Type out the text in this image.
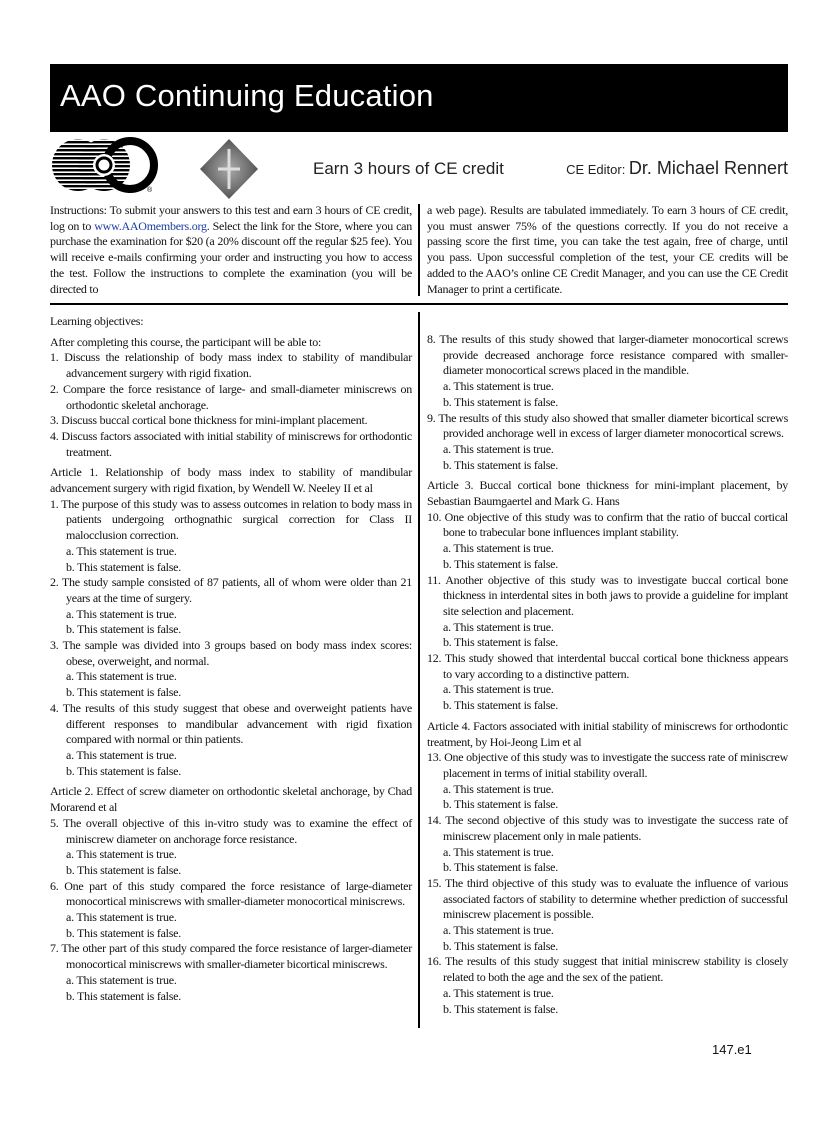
AAO Continuing Education
®
Earn 3 hours of CE credit	CE Editor: Dr. Michael Rennert
Instructions: To submit your answers to this test and earn 3 hours of CE credit, log on to www.AAOmembers.org. Select the link for the Store, where you can purchase the examination for $20 (a 20% discount off the regular $25 fee). You will receive e-mails confirming your order and instructing you how to access the test. Follow the instructions to complete the examination (you will be directed to
a web page). Results are tabulated immediately. To earn 3 hours of CE credit, you must answer 75% of the questions correctly. If you do not receive a passing score the first time, you can take the test again, free of charge, until you pass. Upon successful completion of the test, your CE credits will be added to the AAO’s online CE Credit Manager, and you can use the CE Credit Manager to print a certificate.
Learning objectives:
After completing this course, the participant will be able to:
1. Discuss the relationship of body mass index to stability of mandibular advancement surgery with rigid fixation.
2. Compare the force resistance of large- and small-diameter miniscrews on orthodontic skeletal anchorage.
3. Discuss buccal cortical bone thickness for mini-implant placement.
4. Discuss factors associated with initial stability of miniscrews for orthodontic treatment.
Article 1. Relationship of body mass index to stability of mandibular advancement surgery with rigid fixation, by Wendell W. Neeley II et al
1. The purpose of this study was to assess outcomes in relation to body mass in patients undergoing orthognathic surgical correction for Class II malocclusion correction.
a. This statement is true.
b. This statement is false.
2. The study sample consisted of 87 patients, all of whom were older than 21 years at the time of surgery.
a. This statement is true.
b. This statement is false.
3. The sample was divided into 3 groups based on body mass index scores: obese, overweight, and normal.
a. This statement is true.
b. This statement is false.
4. The results of this study suggest that obese and overweight patients have different responses to mandibular advancement with rigid fixation compared with normal or thin patients.
a. This statement is true.
b. This statement is false.
Article 2. Effect of screw diameter on orthodontic skeletal anchorage, by Chad Morarend et al
5. The overall objective of this in-vitro study was to examine the effect of miniscrew diameter on anchorage force resistance.
a. This statement is true.
b. This statement is false.
6. One part of this study compared the force resistance of large-diameter monocortical miniscrews with smaller-diameter monocortical miniscrews.
a. This statement is true.
b. This statement is false.
7. The other part of this study compared the force resistance of larger-diameter monocortical miniscrews with smaller-diameter bicortical miniscrews.
a. This statement is true.
b. This statement is false.
8. The results of this study showed that larger-diameter monocortical screws provide decreased anchorage force resistance compared with smaller-diameter monocortical screws placed in the mandible.
a. This statement is true.
b. This statement is false.
9. The results of this study also showed that smaller diameter bicortical screws provided anchorage well in excess of larger diameter monocortical screws.
a. This statement is true.
b. This statement is false.
Article 3. Buccal cortical bone thickness for mini-implant placement, by Sebastian Baumgaertel and Mark G. Hans
10. One objective of this study was to confirm that the ratio of buccal cortical bone to trabecular bone influences implant stability.
a. This statement is true.
b. This statement is false.
11. Another objective of this study was to investigate buccal cortical bone thickness in interdental sites in both jaws to provide a guideline for implant site selection and placement.
a. This statement is true.
b. This statement is false.
12. This study showed that interdental buccal cortical bone thickness appears to vary according to a distinctive pattern.
a. This statement is true.
b. This statement is false.
Article 4. Factors associated with initial stability of miniscrews for orthodontic treatment, by Hoi-Jeong Lim et al
13. One objective of this study was to investigate the success rate of miniscrew placement in terms of initial stability overall.
a. This statement is true.
b. This statement is false.
14. The second objective of this study was to investigate the success rate of miniscrew placement only in male patients.
a. This statement is true.
b. This statement is false.
15. The third objective of this study was to evaluate the influence of various associated factors of stability to determine whether prediction of successful miniscrew placement is possible.
a. This statement is true.
b. This statement is false.
16. The results of this study suggest that initial miniscrew stability is closely related to both the age and the sex of the patient.
a. This statement is true.
b. This statement is false.
147.e1
